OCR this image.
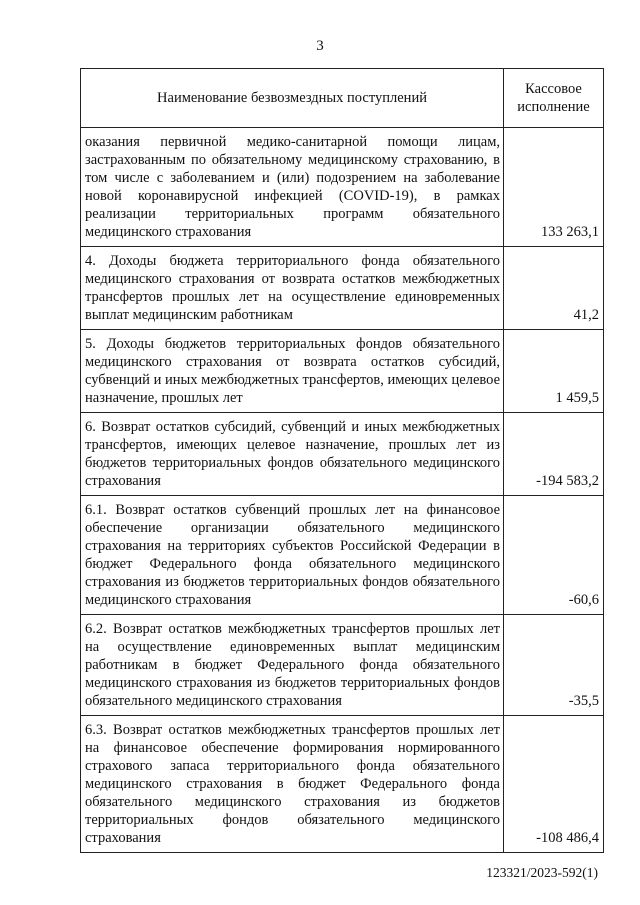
3
Наименование безвозмездных поступлений	Кассовое исполнение
оказания первичной медико-санитарной помощи лицам, застрахованным по обязательному медицинскому страхованию, в том числе с заболеванием и (или) подозрением на заболевание новой коронавирусной инфекцией (COVID-19), в рамках реализации территориальных программ обязательного медицинского страхования	133 263,1
4. Доходы бюджета территориального фонда обязательного медицинского страхования от возврата остатков межбюджетных трансфертов прошлых лет на осуществление единовременных выплат медицинским работникам	41,2
5. Доходы бюджетов территориальных фондов обязательного медицинского страхования от возврата остатков субсидий, субвенций и иных межбюджетных трансфертов, имеющих целевое назначение, прошлых лет	1 459,5
6. Возврат остатков субсидий, субвенций и иных межбюджетных трансфертов, имеющих целевое назначение, прошлых лет из бюджетов территориальных фондов обязательного медицинского страхования	-194 583,2
6.1. Возврат остатков субвенций прошлых лет на финансовое обеспечение организации обязательного медицинского страхования на территориях субъектов Российской Федерации в бюджет Федерального фонда обязательного медицинского страхования из бюджетов территориальных фондов обязательного медицинского страхования	-60,6
6.2. Возврат остатков межбюджетных трансфертов прошлых лет на осуществление единовременных выплат медицинским работникам в бюджет Федерального фонда обязательного медицинского страхования из бюджетов территориальных фондов обязательного медицинского страхования	-35,5
6.3. Возврат остатков межбюджетных трансфертов прошлых лет на финансовое обеспечение формирования нормированного страхового запаса территориального фонда обязательного медицинского страхования в бюджет Федерального фонда обязательного медицинского страхования из бюджетов территориальных фондов обязательного медицинского страхования	-108 486,4
123321/2023-592(1)
